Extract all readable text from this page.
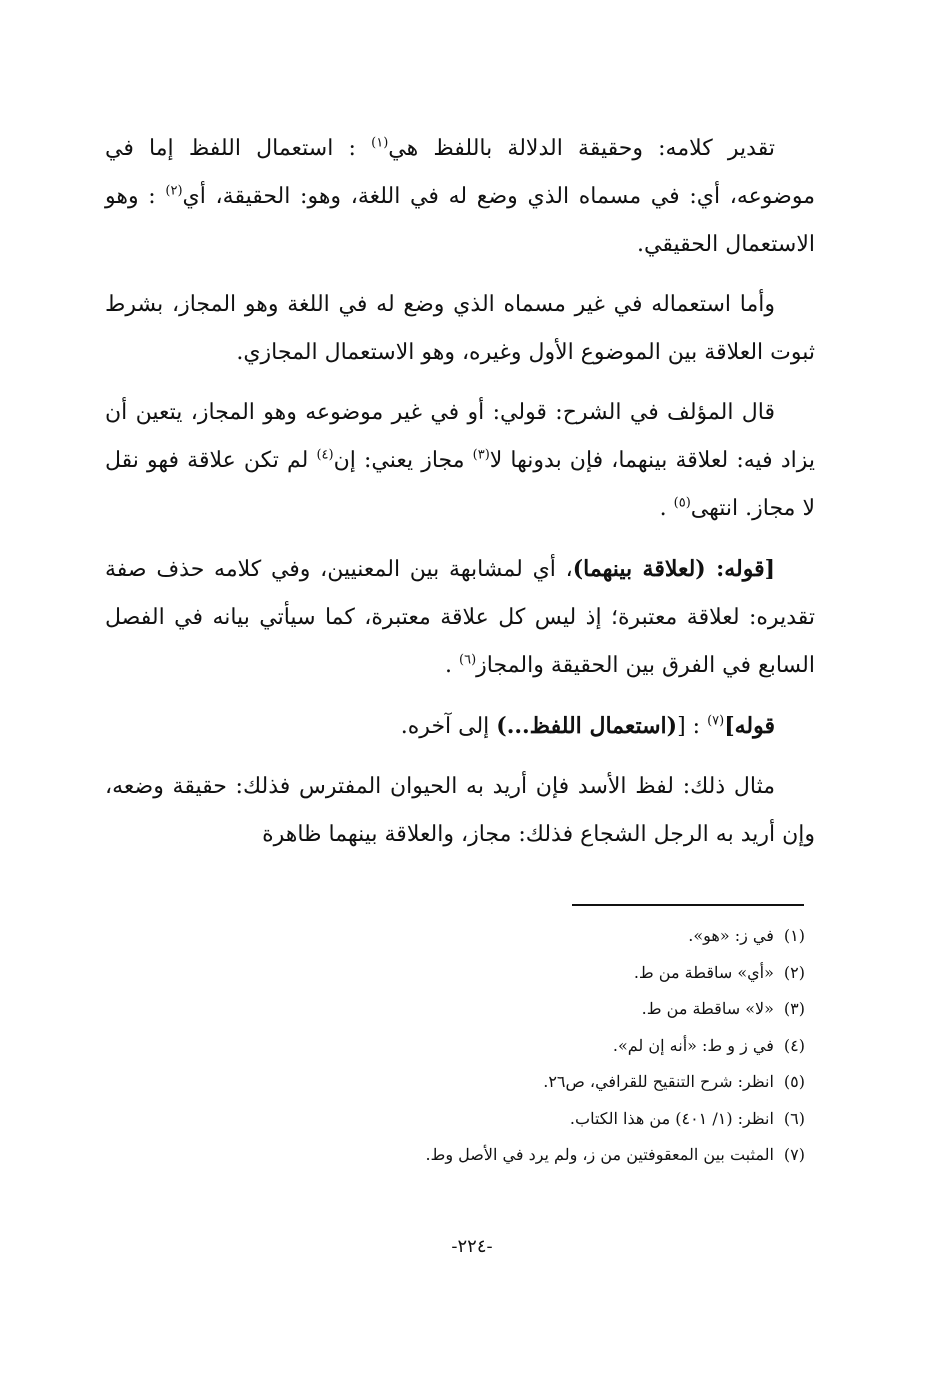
تقدير كلامه: وحقيقة الدلالة باللفظ هي$^{(١)}$ : استعمال اللفظ إما في موضوعه، أي: في مسماه الذي وضع له في اللغة، وهو: الحقيقة، أي$^{(٢)}$ : وهو الاستعمال الحقيقي.

وأما استعماله في غير مسماه الذي وضع له في اللغة وهو المجاز، بشرط ثبوت العلاقة بين الموضوع الأول وغيره، وهو الاستعمال المجازي.

قال المؤلف في الشرح: قولي: أو في غير موضوعه وهو المجاز، يتعين أن يزاد فيه: لعلاقة بينهما، فإن بدونها لا$^{(٣)}$ مجاز يعني: إن$^{(٤)}$ لم تكن علاقة فهو نقل لا مجاز. انتهى$^{(٥)}$ .

[قوله: (لعلاقة بينهما)، أي لمشابهة بين المعنيين، وفي كلامه حذف صفة تقديره: لعلاقة معتبرة؛ إذ ليس كل علاقة معتبرة، كما سيأتي بيانه في الفصل السابع في الفرق بين الحقيقة والمجاز$^{(٦)}$ .

قوله]$^{(٧)}$ : [(استعمال اللفظ...) إلى آخره.

مثال ذلك: لفظ الأسد فإن أريد به الحيوان المفترس فذلك: حقيقة وضعه، وإن أريد به الرجل الشجاع فذلك: مجاز، والعلاقة بينهما ظاهرة

(١)في ز: «هو».
(٢)«أي» ساقطة من ط.
(٣)«لا» ساقطة من ط.
(٤)في ز و ط: «أنه إن لم».
(٥)انظر: شرح التنقيح للقرافي، ص٢٦.
(٦)انظر: (١/ ٤٠١) من هذا الكتاب.
(٧)المثبت بين المعقوفتين من ز، ولم يرد في الأصل وط.
-٢٢٤-
